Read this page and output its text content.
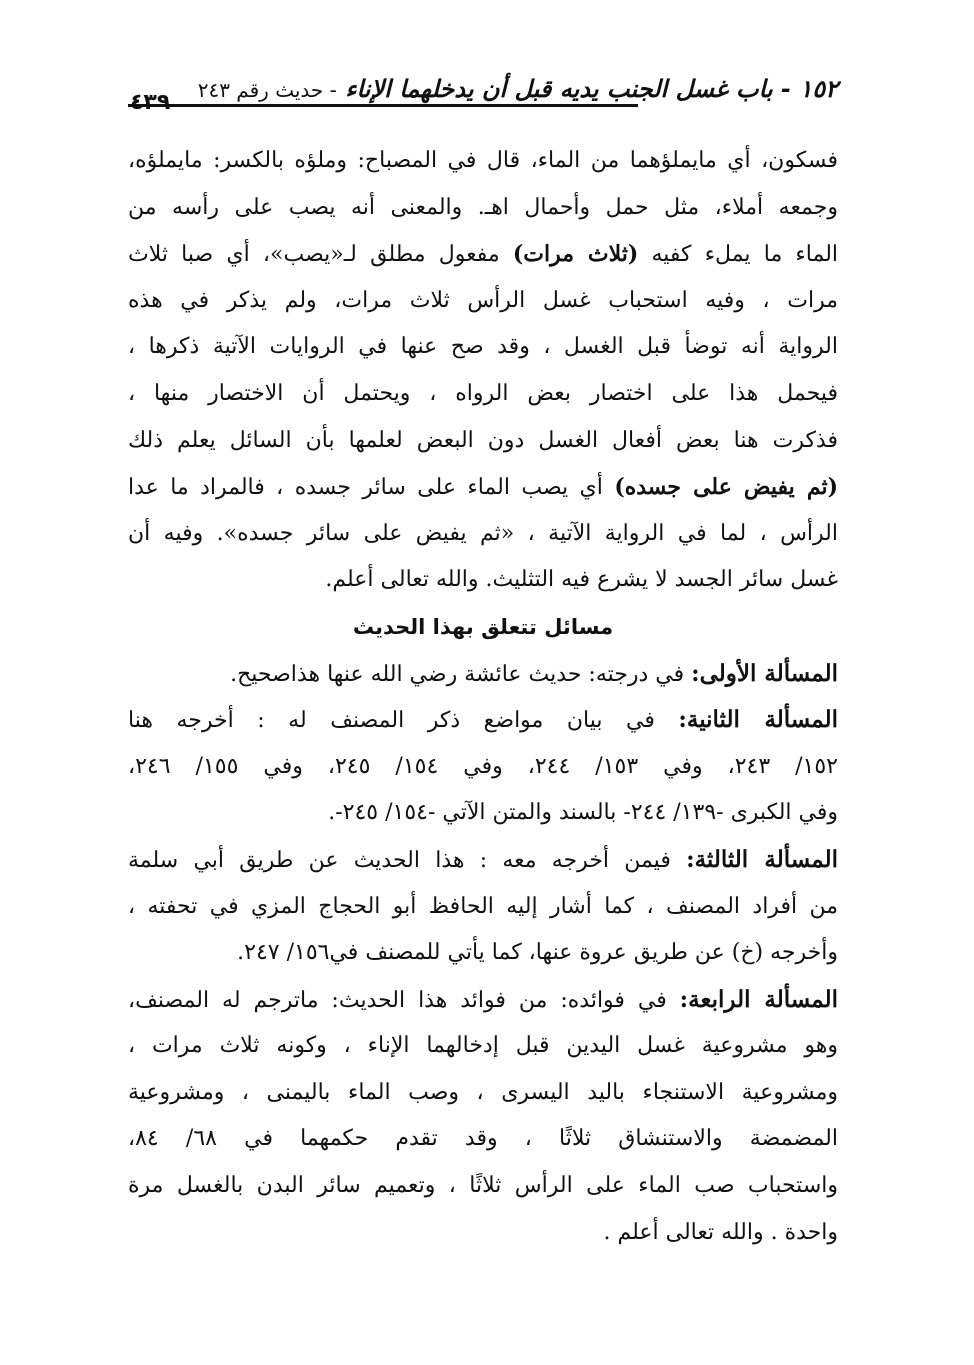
١٥٢ - باب غسل الجنب يديه قبل أن يدخلهما الإناء - حديث رقم ٢٤٣
٤٣٩
فسكون، أي مايملؤهما من الماء، قال في المصباح: وملؤه بالكسر: مايملؤه،
وجمعه أملاء، مثل حمل وأحمال اهـ. والمعنى أنه يصب على رأسه من
الماء ما يملء كفيه (ثلاث مرات) مفعول مطلق لـ«يصب»، أي صبا ثلاث
مرات ، وفيه استحباب غسل الرأس ثلاث مرات، ولم يذكر في هذه
الرواية أنه توضأ قبل الغسل ، وقد صح عنها في الروايات الآتية ذكرها ،
فيحمل هذا على اختصار بعض الرواه ، ويحتمل أن الاختصار منها ،
فذكرت هنا بعض أفعال الغسل دون البعض لعلمها بأن السائل يعلم ذلك
(ثم يفيض على جسده) أي يصب الماء على سائر جسده ، فالمراد ما عدا
الرأس ، لما في الرواية الآتية ، «ثم يفيض على سائر جسده». وفيه أن
غسل سائر الجسد لا يشرع فيه التثليث. والله تعالى أعلم.
مسائل تتعلق بهذا الحديث
المسألة الأولى: في درجته: حديث عائشة رضي الله عنها هذاصحيح.
المسألة الثانية: في بيان مواضع ذكر المصنف له : أخرجه هنا
١٥٢/ ٢٤٣، وفي ١٥٣/ ٢٤٤، وفي ١٥٤/ ٢٤٥، وفي ١٥٥/ ٢٤٦،
وفي الكبرى -١٣٩/ ٢٤٤- بالسند والمتن الآتي -١٥٤/ ٢٤٥-.
المسألة الثالثة: فيمن أخرجه معه : هذا الحديث عن طريق أبي سلمة
من أفراد المصنف ، كما أشار إليه الحافظ أبو الحجاج المزي في تحفته ،
وأخرجه (خ) عن طريق عروة عنها، كما يأتي للمصنف في١٥٦/ ٢٤٧.
المسألة الرابعة: في فوائده: من فوائد هذا الحديث: ماترجم له المصنف،
وهو مشروعية غسل اليدين قبل إدخالهما الإناء ، وكونه ثلاث مرات ،
ومشروعية الاستنجاء باليد اليسرى ، وصب الماء باليمنى ، ومشروعية
المضمضة والاستنشاق ثلاثًا ، وقد تقدم حكمهما في ٦٨/ ٨٤،
واستحباب صب الماء على الرأس ثلاثًا ، وتعميم سائر البدن بالغسل مرة
واحدة . والله تعالى أعلم .
